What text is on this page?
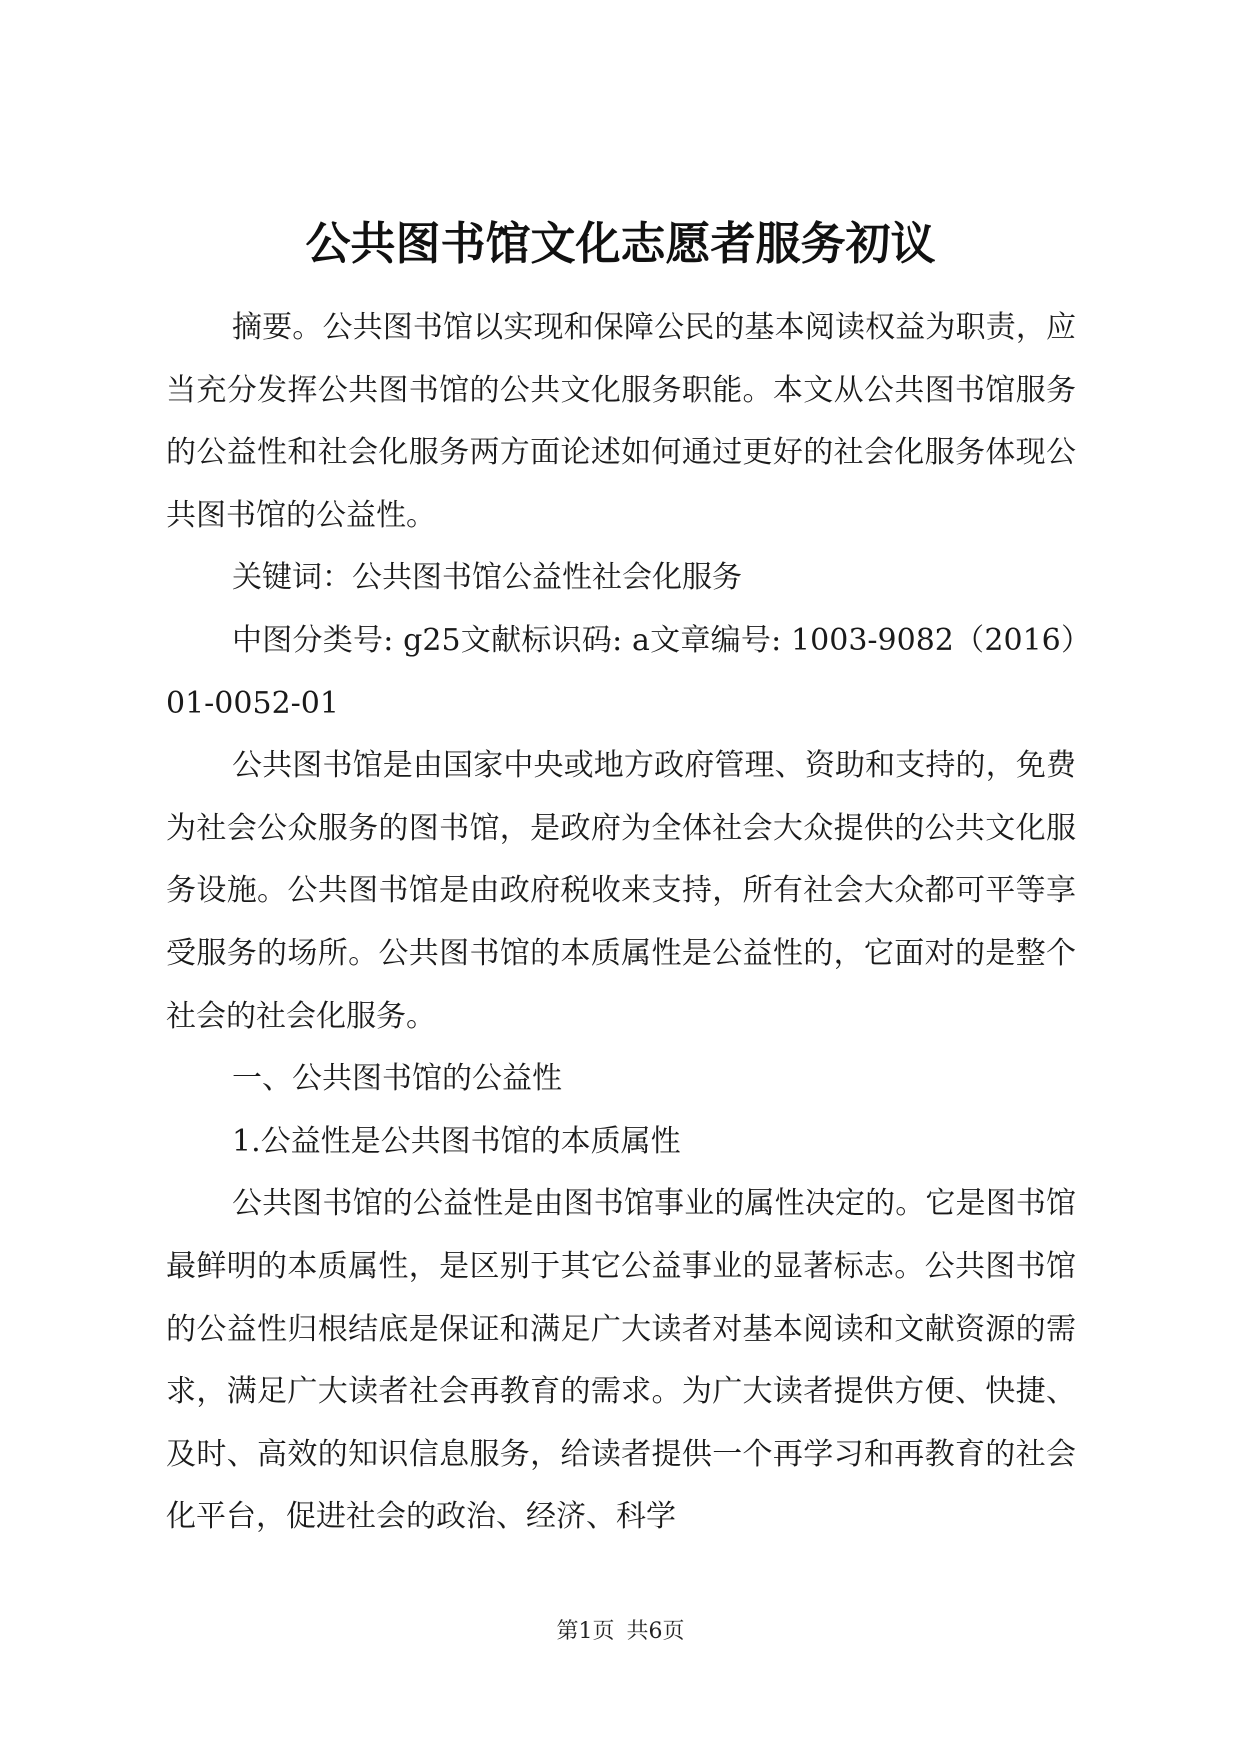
公共图书馆文化志愿者服务初议

摘要。公共图书馆以实现和保障公民的基本阅读权益为职责，应当充分发挥公共图书馆的公共文化服务职能。本文从公共图书馆服务的公益性和社会化服务两方面论述如何通过更好的社会化服务体现公共图书馆的公益性。

关键词：公共图书馆公益性社会化服务

中图分类号: g25文献标识码: a文章编号: 1003-9082（2016）01-0052-01

公共图书馆是由国家中央或地方政府管理、资助和支持的，免费为社会公众服务的图书馆，是政府为全体社会大众提供的公共文化服务设施。公共图书馆是由政府税收来支持，所有社会大众都可平等享受服务的场所。公共图书馆的本质属性是公益性的，它面对的是整个社会的社会化服务。

一、公共图书馆的公益性

1.公益性是公共图书馆的本质属性

公共图书馆的公益性是由图书馆事业的属性决定的。它是图书馆最鲜明的本质属性，是区别于其它公益事业的显著标志。公共图书馆的公益性归根结底是保证和满足广大读者对基本阅读和文献资源的需求，满足广大读者社会再教育的需求。为广大读者提供方便、快捷、及时、高效的知识信息服务，给读者提供一个再学习和再教育的社会化平台，促进社会的政治、经济、科学

第1页 共6页
